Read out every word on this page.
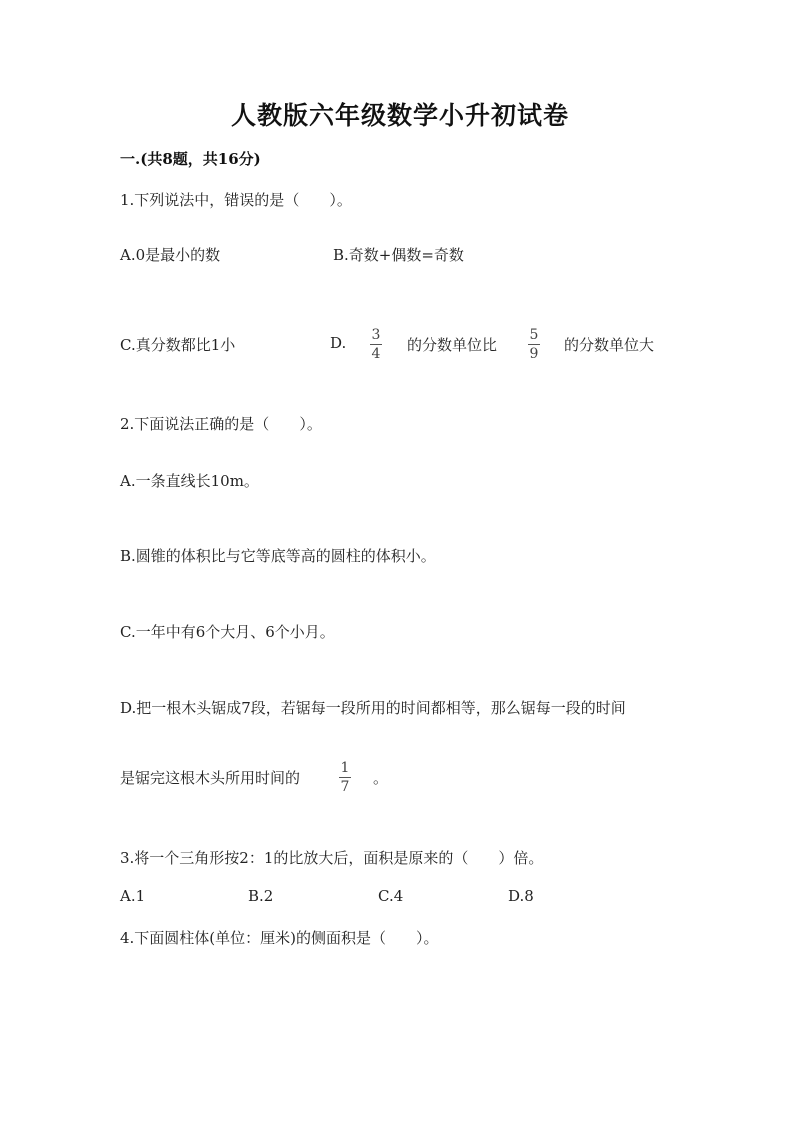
人教版六年级数学小升初试卷
一.(共8题，共16分)
1.下列说法中，错误的是（　　）。
A.0是最小的数	B.奇数+偶数=奇数
C.真分数都比1小	D. 3
4 的分数单位比
5
9 的分数单位大
2.下面说法正确的是（　　）。
A.一条直线长10m。
B.圆锥的体积比与它等底等高的圆柱的体积小。
C.一年中有6个大月、6个小月。
D.把一根木头锯成7段，若锯每一段所用的时间都相等，那么锯每一段的时间
是锯完这根木头所用时间的
1
7 。
3.将一个三角形按2：1的比放大后，面积是原来的（　　）倍。
A.1	B.2	C.4	D.8
4.下面圆柱体(单位：厘米)的侧面积是（　　）。
